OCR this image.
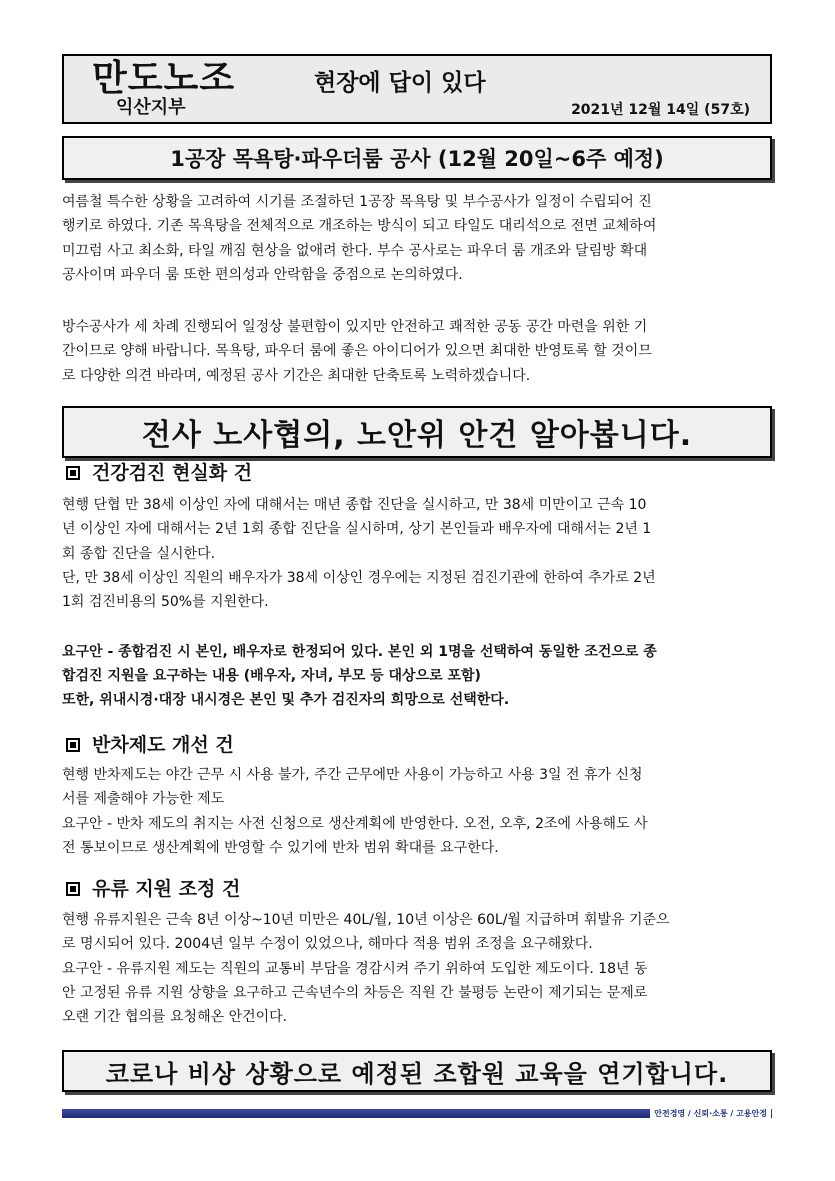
만도노조
익산지부
현장에 답이 있다
2021년 12월 14일 (57호)
1공장 목욕탕·파우더룸 공사 (12월 20일~6주 예정)

여름철 특수한 상황을 고려하여 시기를 조절하던 1공장 목욕탕 및 부수공사가 일정이 수립되어 진
행키로 하였다. 기존 목욕탕을 전체적으로 개조하는 방식이 되고 타일도 대리석으로 전면 교체하여
미끄럼 사고 최소화, 타일 깨짐 현상을 없애려 한다. 부수 공사로는 파우더 룸 개조와 달림방 확대
공사이며 파우더 룸 또한 편의성과 안락함을 중점으로 논의하였다.

방수공사가 세 차례 진행되어 일정상 불편함이 있지만 안전하고 쾌적한 공동 공간 마련을 위한 기
간이므로 양해 바랍니다. 목욕탕, 파우더 룸에 좋은 아이디어가 있으면 최대한 반영토록 할 것이므
로 다양한 의견 바라며, 예정된 공사 기간은 최대한 단축토록 노력하겠습니다.

전사 노사협의, 노안위 안건 알아봅니다.
건강검진 현실화 건

현행 단협 만 38세 이상인 자에 대해서는 매년 종합 진단을 실시하고, 만 38세 미만이고 근속 10
년 이상인 자에 대해서는 2년 1회 종합 진단을 실시하며, 상기 본인들과 배우자에 대해서는 2년 1
회 종합 진단을 실시한다.
단, 만 38세 이상인 직원의 배우자가 38세 이상인 경우에는 지정된 검진기관에 한하여 추가로 2년
1회 검진비용의 50%를 지원한다.

요구안 - 종합검진 시 본인, 배우자로 한정되어 있다. 본인 외 1명을 선택하여 동일한 조건으로 종
합검진 지원을 요구하는 내용 (배우자, 자녀, 부모 등 대상으로 포함)
또한, 위내시경·대장 내시경은 본인 및 추가 검진자의 희망으로 선택한다.

반차제도 개선 건

현행 반차제도는 야간 근무 시 사용 불가, 주간 근무에만 사용이 가능하고 사용 3일 전 휴가 신청
서를 제출해야 가능한 제도
요구안 - 반차 제도의 취지는 사전 신청으로 생산계획에 반영한다. 오전, 오후, 2조에 사용해도 사
전 통보이므로 생산계획에 반영할 수 있기에 반차 범위 확대를 요구한다.

유류 지원 조정 건

현행 유류지원은 근속 8년 이상~10년 미만은 40L/월, 10년 이상은 60L/월 지급하며 휘발유 기준으
로 명시되어 있다. 2004년 일부 수정이 있었으나, 해마다 적용 범위 조정을 요구해왔다.
요구안 - 유류지원 제도는 직원의 교통비 부담을 경감시켜 주기 위하여 도입한 제도이다. 18년 동
안 고정된 유류 지원 상향을 요구하고 근속년수의 차등은 직원 간 불평등 논란이 제기되는 문제로
오랜 기간 협의를 요청해온 안건이다.

코로나 비상 상황으로 예정된 조합원 교육을 연기합니다.
안전경영 / 신뢰·소통 / 고용안정
